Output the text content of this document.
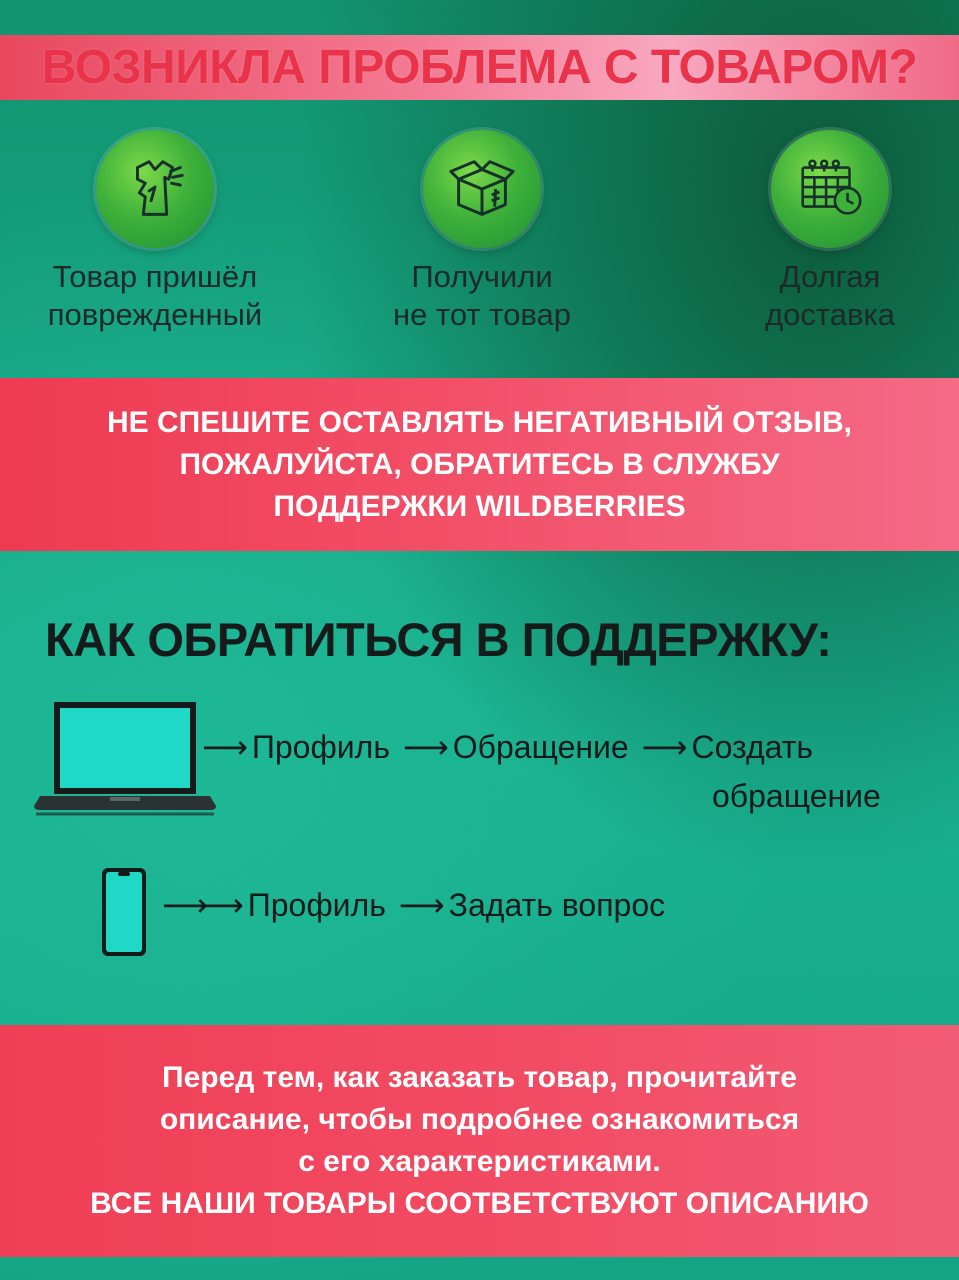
ВОЗНИКЛА ПРОБЛЕМА С ТОВАРОМ?
Товар пришёл
поврежденный
Получили
не тот товар
Долгая
доставка
НЕ СПЕШИТЕ ОСТАВЛЯТЬ НЕГАТИВНЫЙ ОТЗЫВ,
ПОЖАЛУЙСТА, ОБРАТИТЕСЬ В СЛУЖБУ
ПОДДЕРЖКИ WILDBERRIES
КАК ОБРАТИТЬСЯ В ПОДДЕРЖКУ:
⟶ Профиль ⟶ Обращение ⟶ Создать
обращение
⟶⟶ Профиль ⟶ Задать вопрос
Перед тем, как заказать товар, прочитайте
описание, чтобы подробнее ознакомиться
с его характеристиками.
ВСЕ НАШИ ТОВАРЫ СООТВЕТСТВУЮТ ОПИСАНИЮ
